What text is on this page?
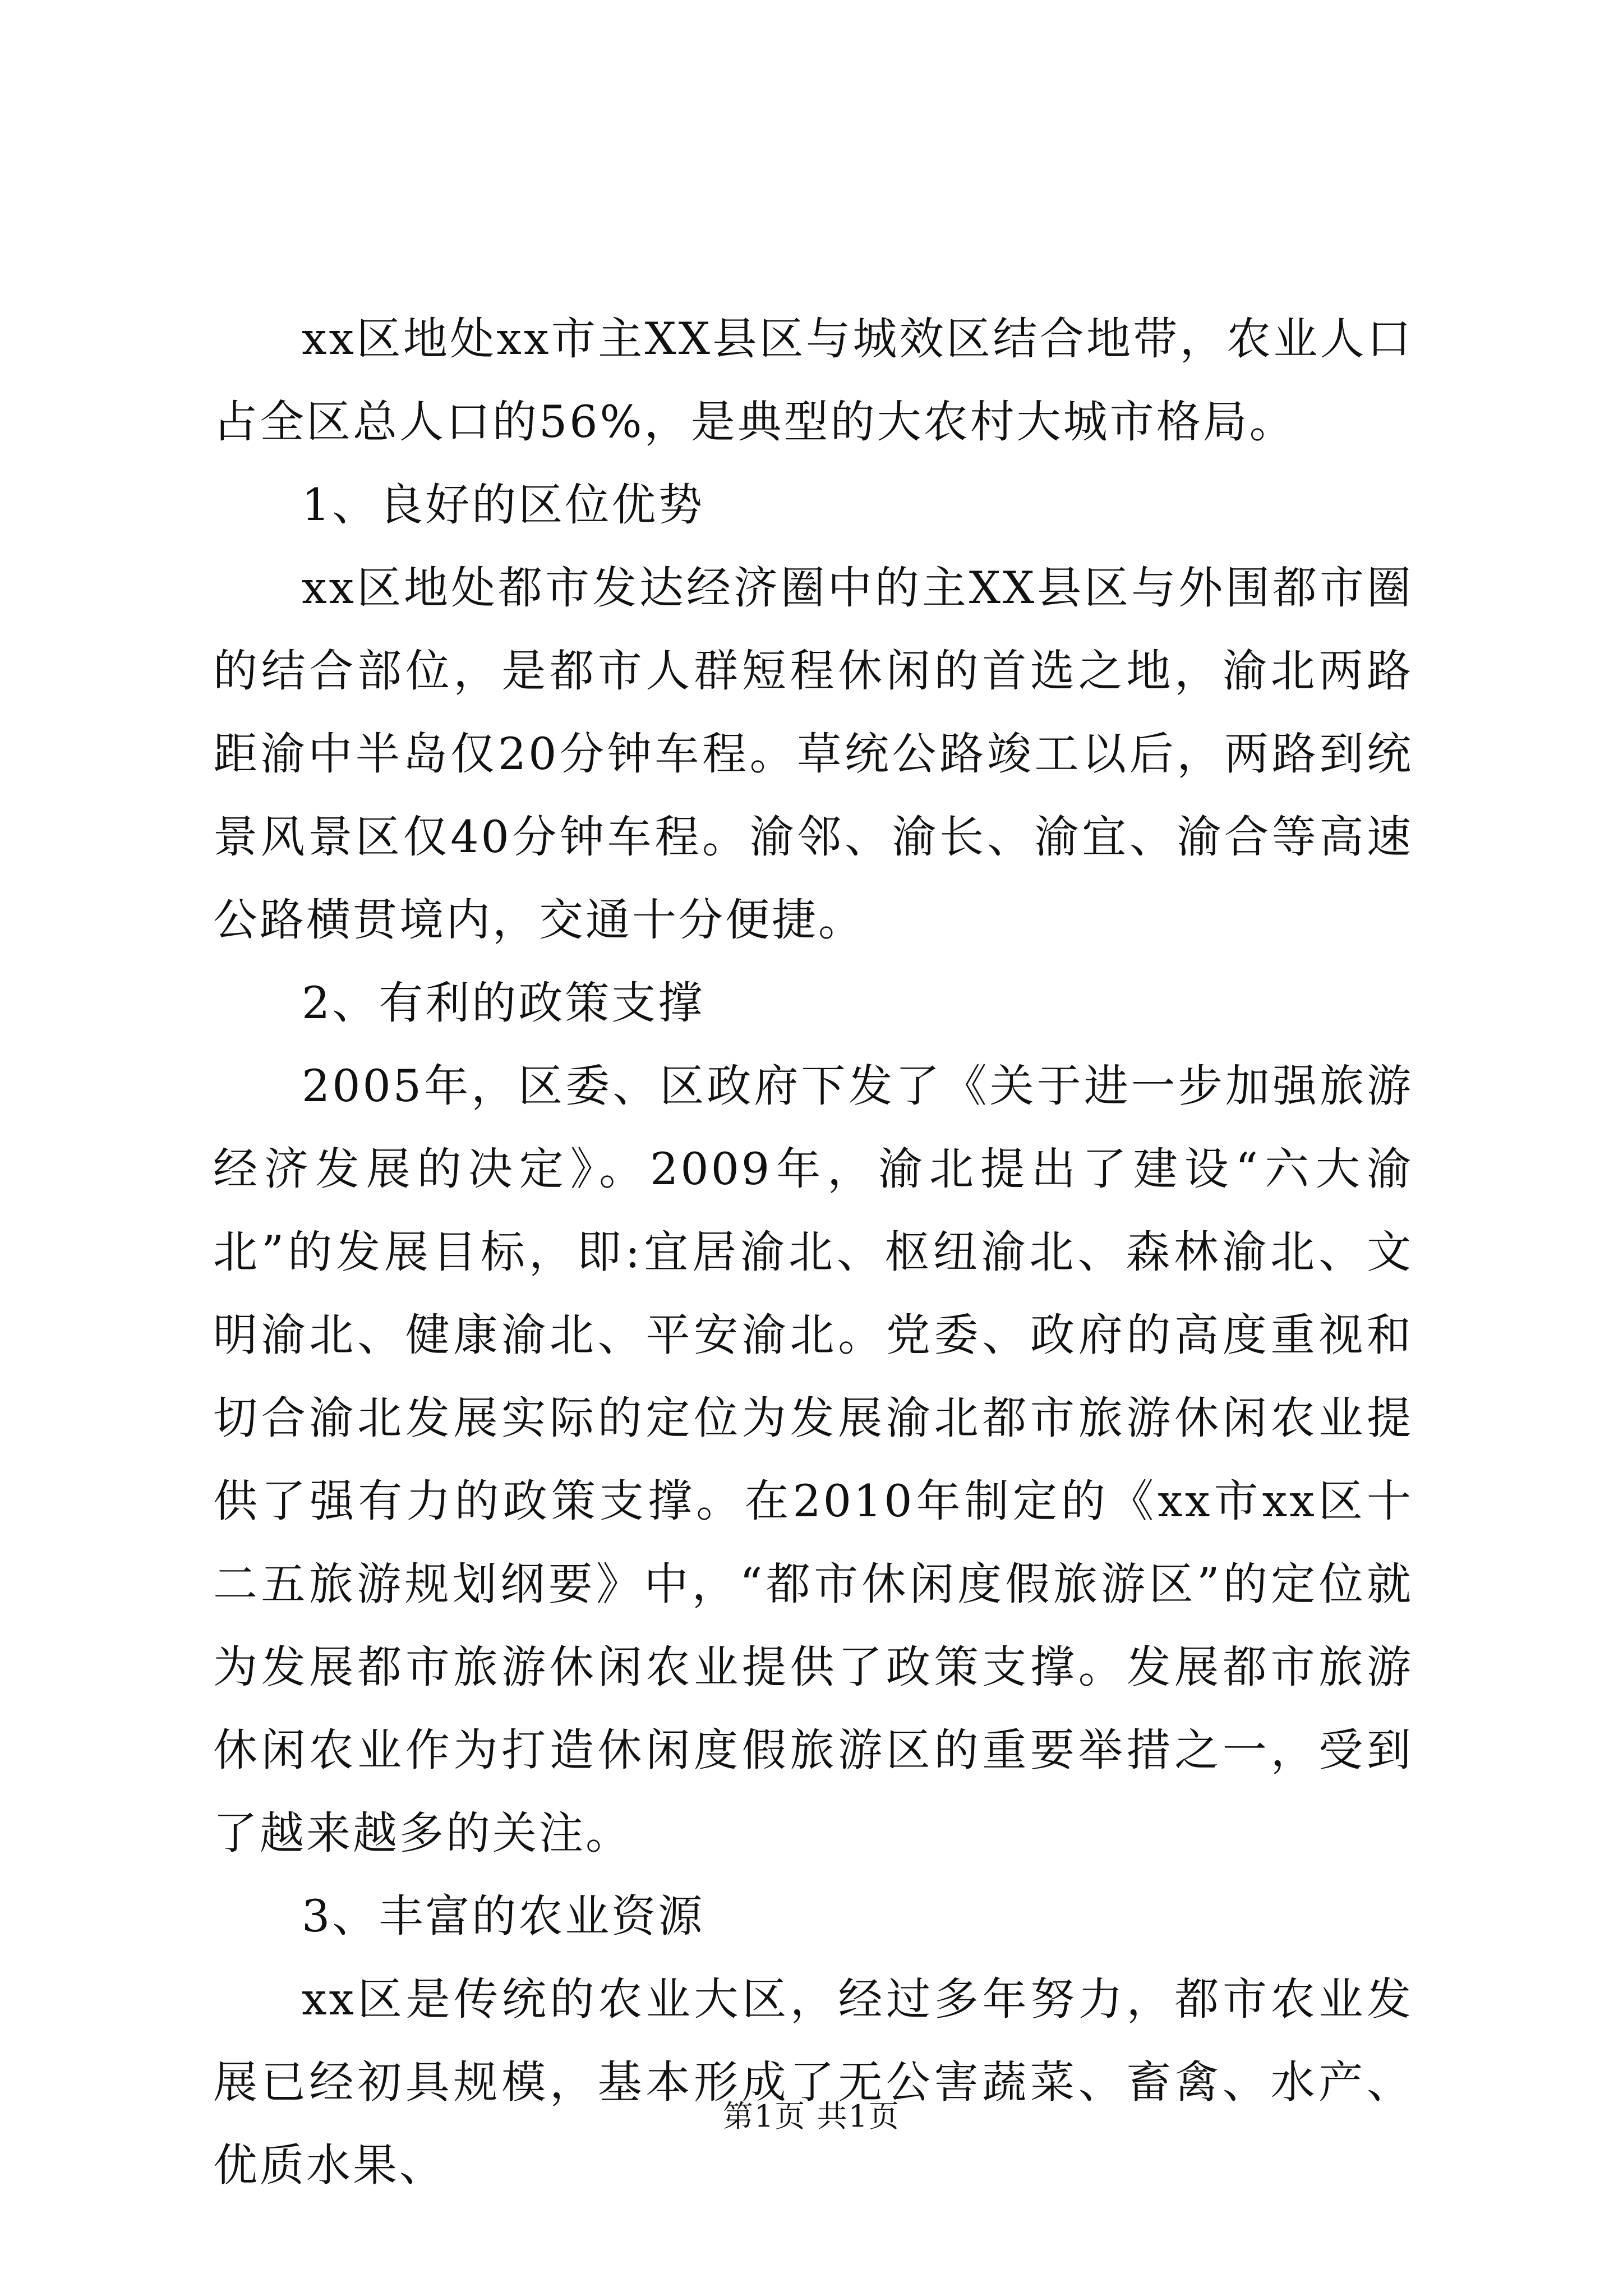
xx区地处xx市主XX县区与城效区结合地带，农业人口占全区总人口的56%，是典型的大农村大城市格局。

1、良好的区位优势

xx区地处都市发达经济圈中的主XX县区与外围都市圈的结合部位，是都市人群短程休闲的首选之地，渝北两路距渝中半岛仅20分钟车程。草统公路竣工以后，两路到统景风景区仅40分钟车程。渝邻、渝长、渝宜、渝合等高速公路横贯境内，交通十分便捷。

2、有利的政策支撑

2005年，区委、区政府下发了《关于进一步加强旅游经济发展的决定》。2009年，渝北提出了建设“六大渝北”的发展目标，即:宜居渝北、枢纽渝北、森林渝北、文明渝北、健康渝北、平安渝北。党委、政府的高度重视和切合渝北发展实际的定位为发展渝北都市旅游休闲农业提供了强有力的政策支撑。在2010年制定的《xx市xx区十二五旅游规划纲要》中，“都市休闲度假旅游区”的定位就为发展都市旅游休闲农业提供了政策支撑。发展都市旅游休闲农业作为打造休闲度假旅游区的重要举措之一，受到了越来越多的关注。

3、丰富的农业资源

xx区是传统的农业大区，经过多年努力，都市农业发展已经初具规模，基本形成了无公害蔬菜、畜禽、水产、优质水果、

第1页 共1页
